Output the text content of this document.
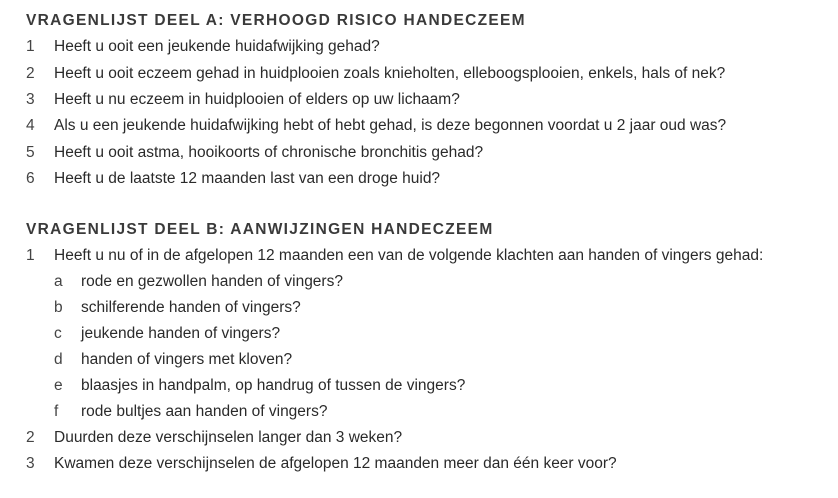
VRAGENLIJST DEEL A: VERHOOGD RISICO HANDECZEEM
1 Heeft u ooit een jeukende huidafwijking gehad?
2 Heeft u ooit eczeem gehad in huidplooien zoals knieholten, elleboogsplooien, enkels, hals of nek?
3 Heeft u nu eczeem in huidplooien of elders op uw lichaam?
4 Als u een jeukende huidafwijking hebt of hebt gehad, is deze begonnen voordat u 2 jaar oud was?
5 Heeft u ooit astma, hooikoorts of chronische bronchitis gehad?
6 Heeft u de laatste 12 maanden last van een droge huid?
VRAGENLIJST DEEL B: AANWIJZINGEN HANDECZEEM
1 Heeft u nu of in de afgelopen 12 maanden een van de volgende klachten aan handen of vingers gehad:
a rode en gezwollen handen of vingers?
b schilferende handen of vingers?
c jeukende handen of vingers?
d handen of vingers met kloven?
e blaasjes in handpalm, op handrug of tussen de vingers?
f rode bultjes aan handen of vingers?
2 Duurden deze verschijnselen langer dan 3 weken?
3 Kwamen deze verschijnselen de afgelopen 12 maanden meer dan één keer voor?
